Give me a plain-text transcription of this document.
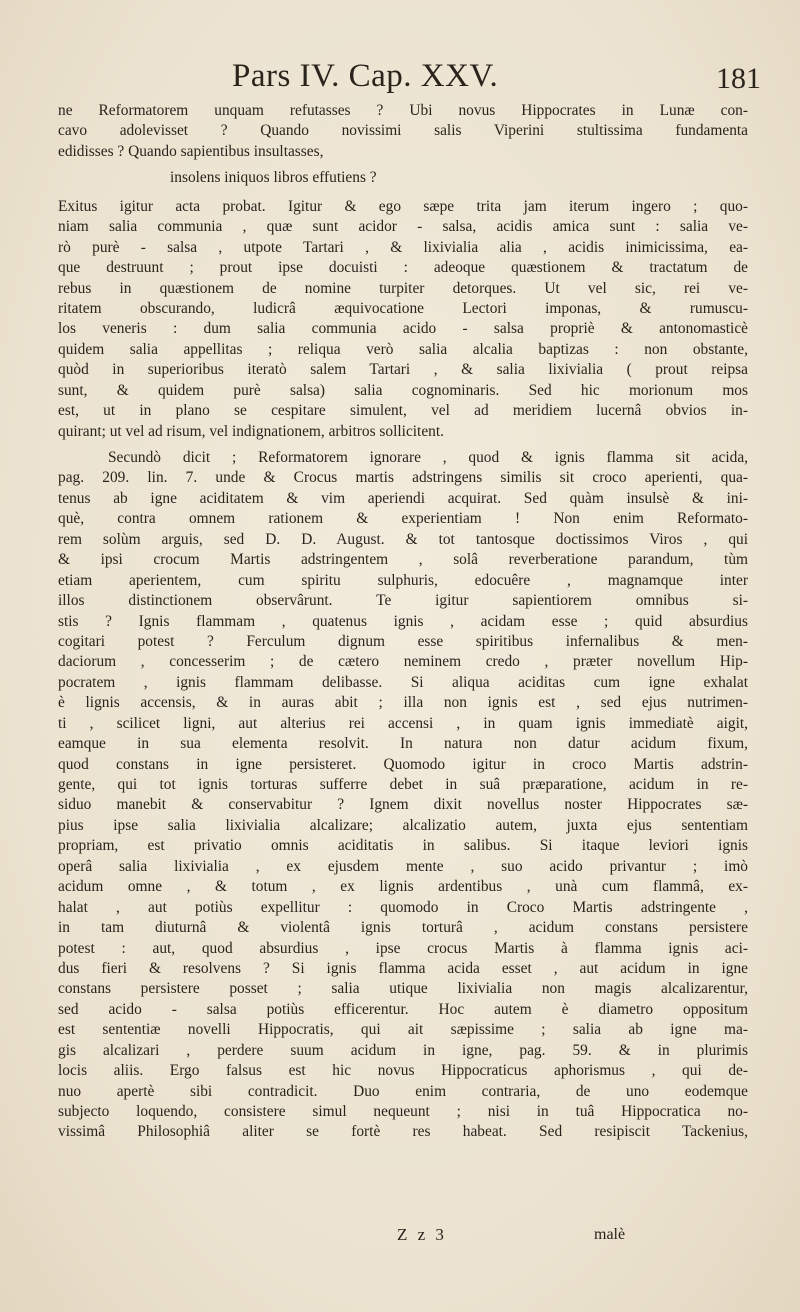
Pars IV. Cap. XXV.	181
ne Reformatorem unquam refutasses ? Ubi novus Hippocrates in Lunæ con-
cavo adolevisset ? Quando novissimi salis Viperini stultissima fundamenta
edidisses ? Quando sapientibus insultasses,
insolens iniquos libros effutiens ?
Exitus igitur acta probat. Igitur & ego sæpe trita jam iterum ingero ; quo-
niam salia communia , quæ sunt acidor - salsa, acidis amica sunt : salia ve-
rò purè - salsa , utpote Tartari , & lixivialia alia , acidis inimicissima, ea-
que destruunt ; prout ipse docuisti : adeoque quæstionem & tractatum de
rebus in quæstionem de nomine turpiter detorques. Ut vel sic, rei ve-
ritatem obscurando, ludicrâ æquivocatione Lectori imponas, & rumuscu-
los veneris : dum salia communia acido - salsa propriè & antonomasticè
quidem salia appellitas ; reliqua verò salia alcalia baptizas : non obstante,
quòd in superioribus iteratò salem Tartari , & salia lixivialia ( prout reipsa
sunt, & quidem purè salsa) salia cognominaris. Sed hic morionum mos
est, ut in plano se cespitare simulent, vel ad meridiem lucernâ obvios in-
quirant; ut vel ad risum, vel indignationem, arbitros sollicitent.
Secundò dicit ; Reformatorem ignorare , quod & ignis flamma sit acida,
pag. 209. lin. 7. unde & Crocus martis adstringens similis sit croco aperienti, qua-
tenus ab igne aciditatem & vim aperiendi acquirat. Sed quàm insulsè & ini-
què, contra omnem rationem & experientiam ! Non enim Reformato-
rem solùm arguis, sed D. D. August. & tot tantosque doctissimos Viros , qui
& ipsi crocum Martis adstringentem , solâ reverberatione parandum, tùm
etiam aperientem, cum spiritu sulphuris, edocuêre , magnamque inter
illos distinctionem observârunt. Te igitur sapientiorem omnibus si-
stis ? Ignis flammam , quatenus ignis , acidam esse ; quid absurdius
cogitari potest ? Ferculum dignum esse spiritibus infernalibus & men-
daciorum , concesserim ; de cætero neminem credo , præter novellum Hip-
pocratem , ignis flammam delibasse. Si aliqua aciditas cum igne exhalat
è lignis accensis, & in auras abit ; illa non ignis est , sed ejus nutrimen-
ti , scilicet ligni, aut alterius rei accensi , in quam ignis immediatè aigit,
eamque in sua elementa resolvit. In natura non datur acidum fixum,
quod constans in igne persisteret. Quomodo igitur in croco Martis adstrin-
gente, qui tot ignis torturas sufferre debet in suâ præparatione, acidum in re-
siduo manebit & conservabitur ? Ignem dixit novellus noster Hippocrates sæ-
pius ipse salia lixivialia alcalizare; alcalizatio autem, juxta ejus sententiam
propriam, est privatio omnis aciditatis in salibus. Si itaque leviori ignis
operâ salia lixivialia , ex ejusdem mente , suo acido privantur ; imò
acidum omne , & totum , ex lignis ardentibus , unà cum flammâ, ex-
halat , aut potiùs expellitur : quomodo in Croco Martis adstringente ,
in tam diuturnâ & violentâ ignis torturâ , acidum constans persistere
potest : aut, quod absurdius , ipse crocus Martis à flamma ignis aci-
dus fieri & resolvens ? Si ignis flamma acida esset , aut acidum in igne
constans persistere posset ; salia utique lixivialia non magis alcalizarentur,
sed acido - salsa potiùs efficerentur. Hoc autem è diametro oppositum
est sententiæ novelli Hippocratis, qui ait sæpissime ; salia ab igne ma-
gis alcalizari , perdere suum acidum in igne, pag. 59. & in plurimis
locis aliis. Ergo falsus est hic novus Hippocraticus aphorismus , qui de-
nuo apertè sibi contradicit. Duo enim contraria, de uno eodemque
subjecto loquendo, consistere simul nequeunt ; nisi in tuâ Hippocratica no-
vissimâ Philosophiâ aliter se fortè res habeat. Sed resipiscit Tackenius,
Z z 3	malè
